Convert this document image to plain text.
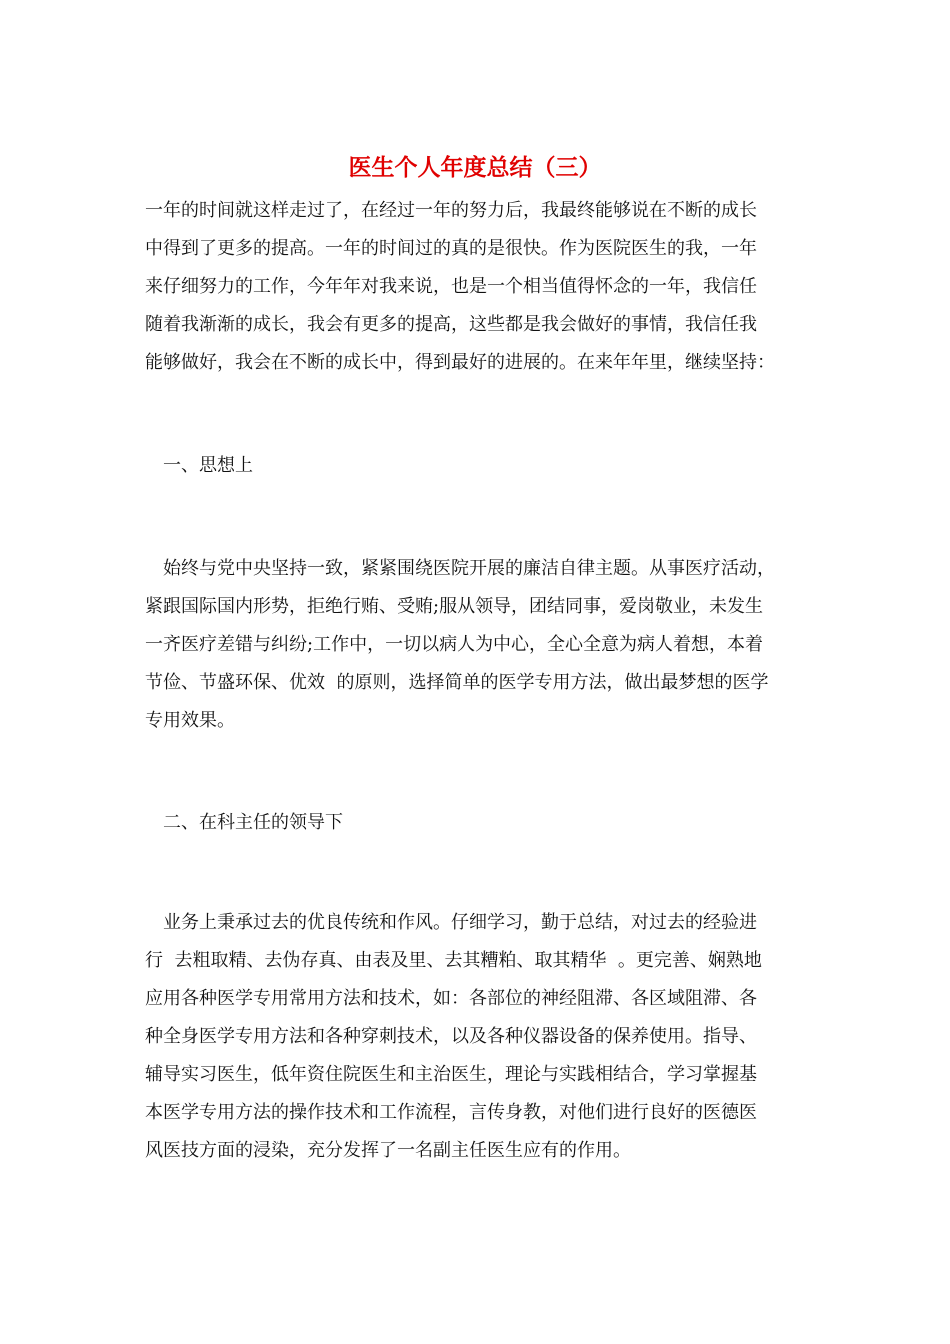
医生个人年度总结（三）
一年的时间就这样走过了，在经过一年的努力后，我最终能够说在不断的成长
中得到了更多的提高。一年的时间过的真的是很快。作为医院医生的我，一年
来仔细努力的工作，今年年对我来说，也是一个相当值得怀念的一年，我信任
随着我渐渐的成长，我会有更多的提高，这些都是我会做好的事情，我信任我
能够做好，我会在不断的成长中，得到最好的进展的。在来年年里，继续坚持：
　一、思想上
　始终与党中央坚持一致，紧紧围绕医院开展的廉洁自律主题。从事医疗活动，
紧跟国际国内形势，拒绝行贿、受贿;服从领导，团结同事，爱岗敬业，未发生
一齐医疗差错与纠纷;工作中，一切以病人为中心，全心全意为病人着想，本着
节俭、节盛环保、优效  的原则，选择简单的医学专用方法，做出最梦想的医学
专用效果。
　二、在科主任的领导下
　业务上秉承过去的优良传统和作风。仔细学习，勤于总结，对过去的经验进
行  去粗取精、去伪存真、由表及里、去其糟粕、取其精华  。更完善、娴熟地
应用各种医学专用常用方法和技术，如：各部位的神经阻滞、各区域阻滞、各
种全身医学专用方法和各种穿刺技术，以及各种仪器设备的保养使用。指导、
辅导实习医生，低年资住院医生和主治医生，理论与实践相结合，学习掌握基
本医学专用方法的操作技术和工作流程，言传身教，对他们进行良好的医德医
风医技方面的浸染，充分发挥了一名副主任医生应有的作用。
